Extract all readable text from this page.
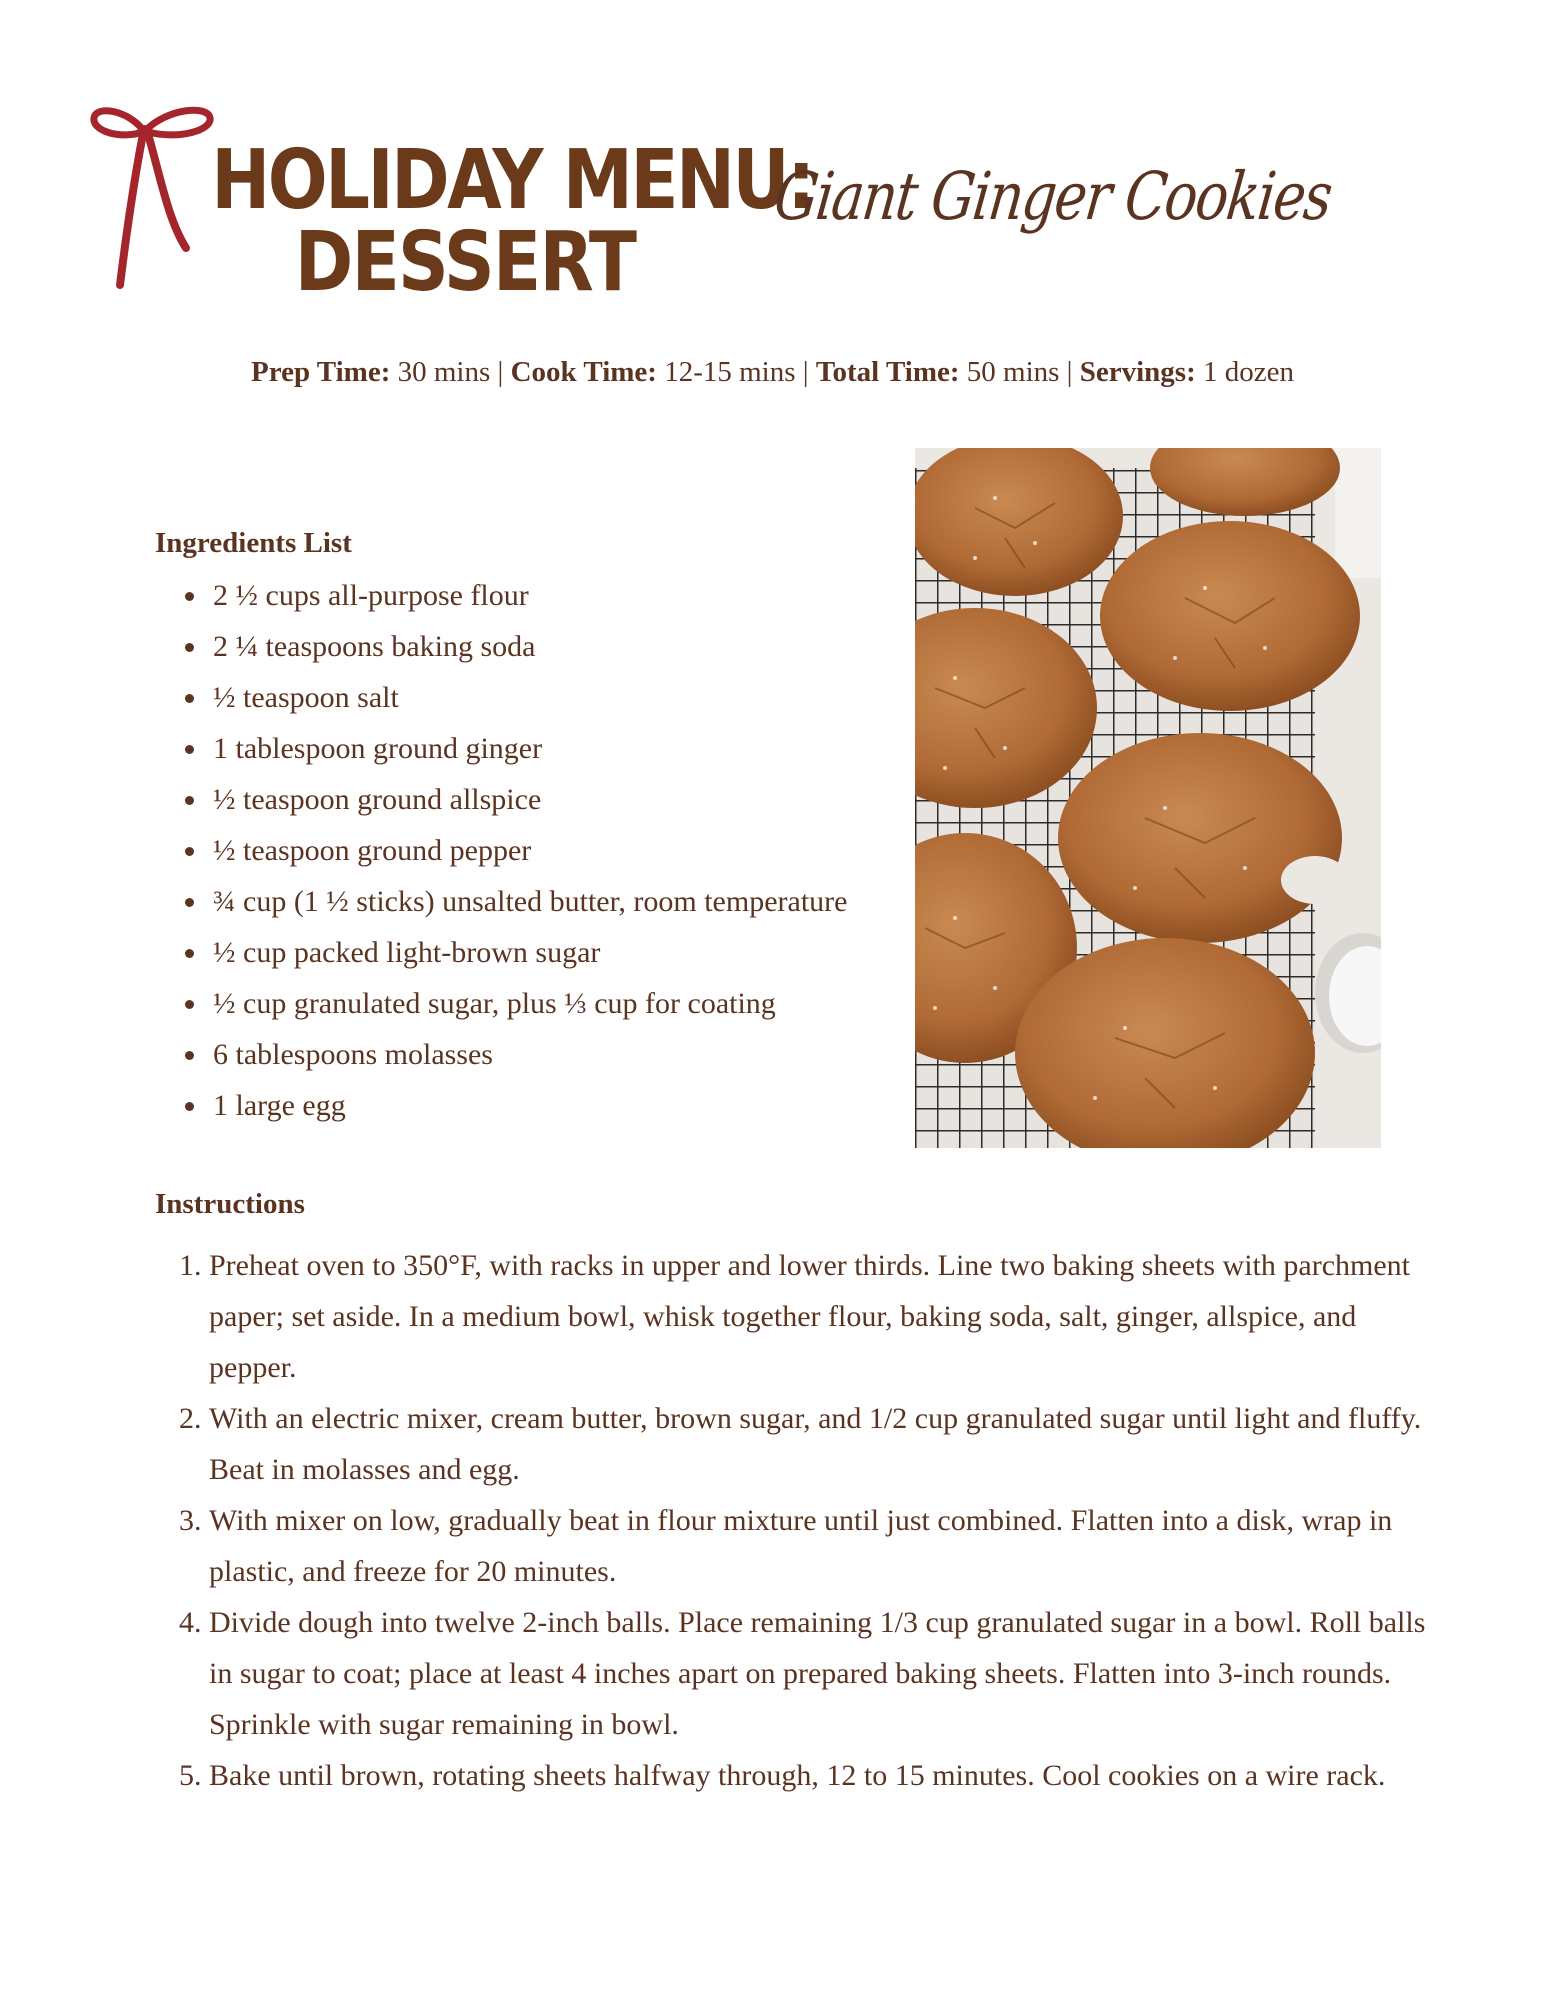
HOLIDAY MENU:
DESSERT
Giant Ginger Cookies
Prep Time: 30 mins | Cook Time: 12-15 mins | Total Time: 50 mins | Servings: 1 dozen
Ingredients List
• 2 ½ cups all-purpose flour
• 2 ¼ teaspoons baking soda
• ½ teaspoon salt
• 1 tablespoon ground ginger
• ½ teaspoon ground allspice
• ½ teaspoon ground pepper
• ¾ cup (1 ½ sticks) unsalted butter, room temperature
• ½ cup packed light-brown sugar
• ½ cup granulated sugar, plus ⅓ cup for coating
• 6 tablespoons molasses
• 1 large egg
Instructions
1. Preheat oven to 350°F, with racks in upper and lower thirds. Line two baking sheets with parchment paper; set aside. In a medium bowl, whisk together flour, baking soda, salt, ginger, allspice, and pepper.
2. With an electric mixer, cream butter, brown sugar, and 1/2 cup granulated sugar until light and fluffy. Beat in molasses and egg.
3. With mixer on low, gradually beat in flour mixture until just combined. Flatten into a disk, wrap in plastic, and freeze for 20 minutes.
4. Divide dough into twelve 2-inch balls. Place remaining 1/3 cup granulated sugar in a bowl. Roll balls in sugar to coat; place at least 4 inches apart on prepared baking sheets. Flatten into 3-inch rounds. Sprinkle with sugar remaining in bowl.
5. Bake until brown, rotating sheets halfway through, 12 to 15 minutes. Cool cookies on a wire rack.
